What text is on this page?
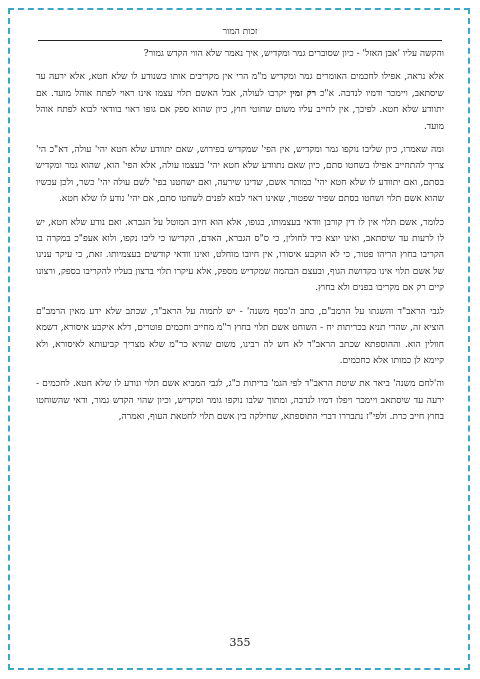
זכות המור

והקשה עליו 'אבן האזל' - כיון שסוברים גמר ומקדיש, איך נאמר שלא הווי הקדש גמור?

אלא נראה, אפילו לחכמים האומרים גמר ומקדיש מ"מ הרי אין מקריבים אותו כשנודע לו שלא חטא, אלא ירעה עד שיסתאב, ויימכר ודמיו לנדבה. א"כ רק זמין יקרבו לעולה, אבל האשם תלוי עצמו אינו ראוי לפתח אוהל מועד. אם יתוודע שלא חטא. לפיכך, אין לחייב עליו משום שחוטי חוץ, כיון שהוא ספק אם גופו ראוי בוודאי לבוא לפתח אוהל מועד.

ומה שאמרו, כיון שליבו נוקפו גמר ומקדיש, אין הפי' שמקדיש בפירוש, שאם יתוודע שלא חטא יהי' עולה, דא"כ הי' צריך להתחייב אפילו בשחטו סתם, כיון שאם נתוודע שלא חטא יהי' בעצמו עולה, אלא הפי' הוא, שהוא גמר ומקדיש בסתם, ואם יתוודע לו שלא חטא יהי' כמותר אשם, שדינו שירעה, ואם ישחטנו בפי' לשם עולה יהי' כשר, ולכן עכשיו שהוא אשם תלוי ושחטו בסתם שפיר שפטור, שאינו ראוי לבוא לפנים לשחטו סתם, אם יהי' נודע לו שלא חטא.

כלומר, אשם תלוי אין לו דין קורבן וודאי בעצמותו, בגופו, אלא הוא חיוב המוטל על הגברא. ואם נודע שלא חטא, יש לו לרעות עד שיסתאב, ואינו יוצא כיד לחולין, כי ס"ס הגברא, האדם, הקדישו כי ליבו נקפו, ולוא אעפ"כ במקרה בו הקריבו בחוץ הריהו פטור, כי לא הוקבע איסורו, אין חיובו מוחלט, ואינו וודאי קודשים בעצמיותו. זאת, כי עיקר ענינו של אשם תלוי אינו בקדושת הגוף, ובעצם הבהמה שמקדיש מספק, אלא עיקרו תלוי ברצון בעליו להקריבו בספק, ורצונו קיים רק אם מקריבו בפנים ולא בחוץ.

לגבי הראב"ד והשגתו על הרמב"ם, כתב ה'כסף משנה' - יש לתמוה על הראב"ד, שכתב שלא ידע מאין הרמב"ם הוציא זה, שהרי תניא בכריתות יח - השוחט אשם תלוי בחוץ ר"מ מחייב וחכמים פוטרים, דלא איקבע איסורא, דשמא חוולין הוא. וההוספתא שכתב הראב"ד לא חש לה רבינו, משום שהיא כר"מ שלא מצריך קביעותא לאיסורא, ולא קיימא לן כמותו אלא כחכמים.

וה'לחם משנה' ביאר את שיטת הראב"ד לפי הגמ' בריתות כ"ג, לגבי המביא אשם תלוי ונודע לו שלא חטא. לחכמים - ירעה עד שיסתאב ויימכר ויפלו דמיו לנדבה, ומתוך שלבו נוקפו גומר ומקדיש, וכיון שהוי הקדש גמור, ודאי שהשוחטו בחוץ חייב כרת. ולפי"ז נתבררו דברי התוספתא, שחילקה בין אשם תלוי לחטאת העוף, ואמרה,

355
